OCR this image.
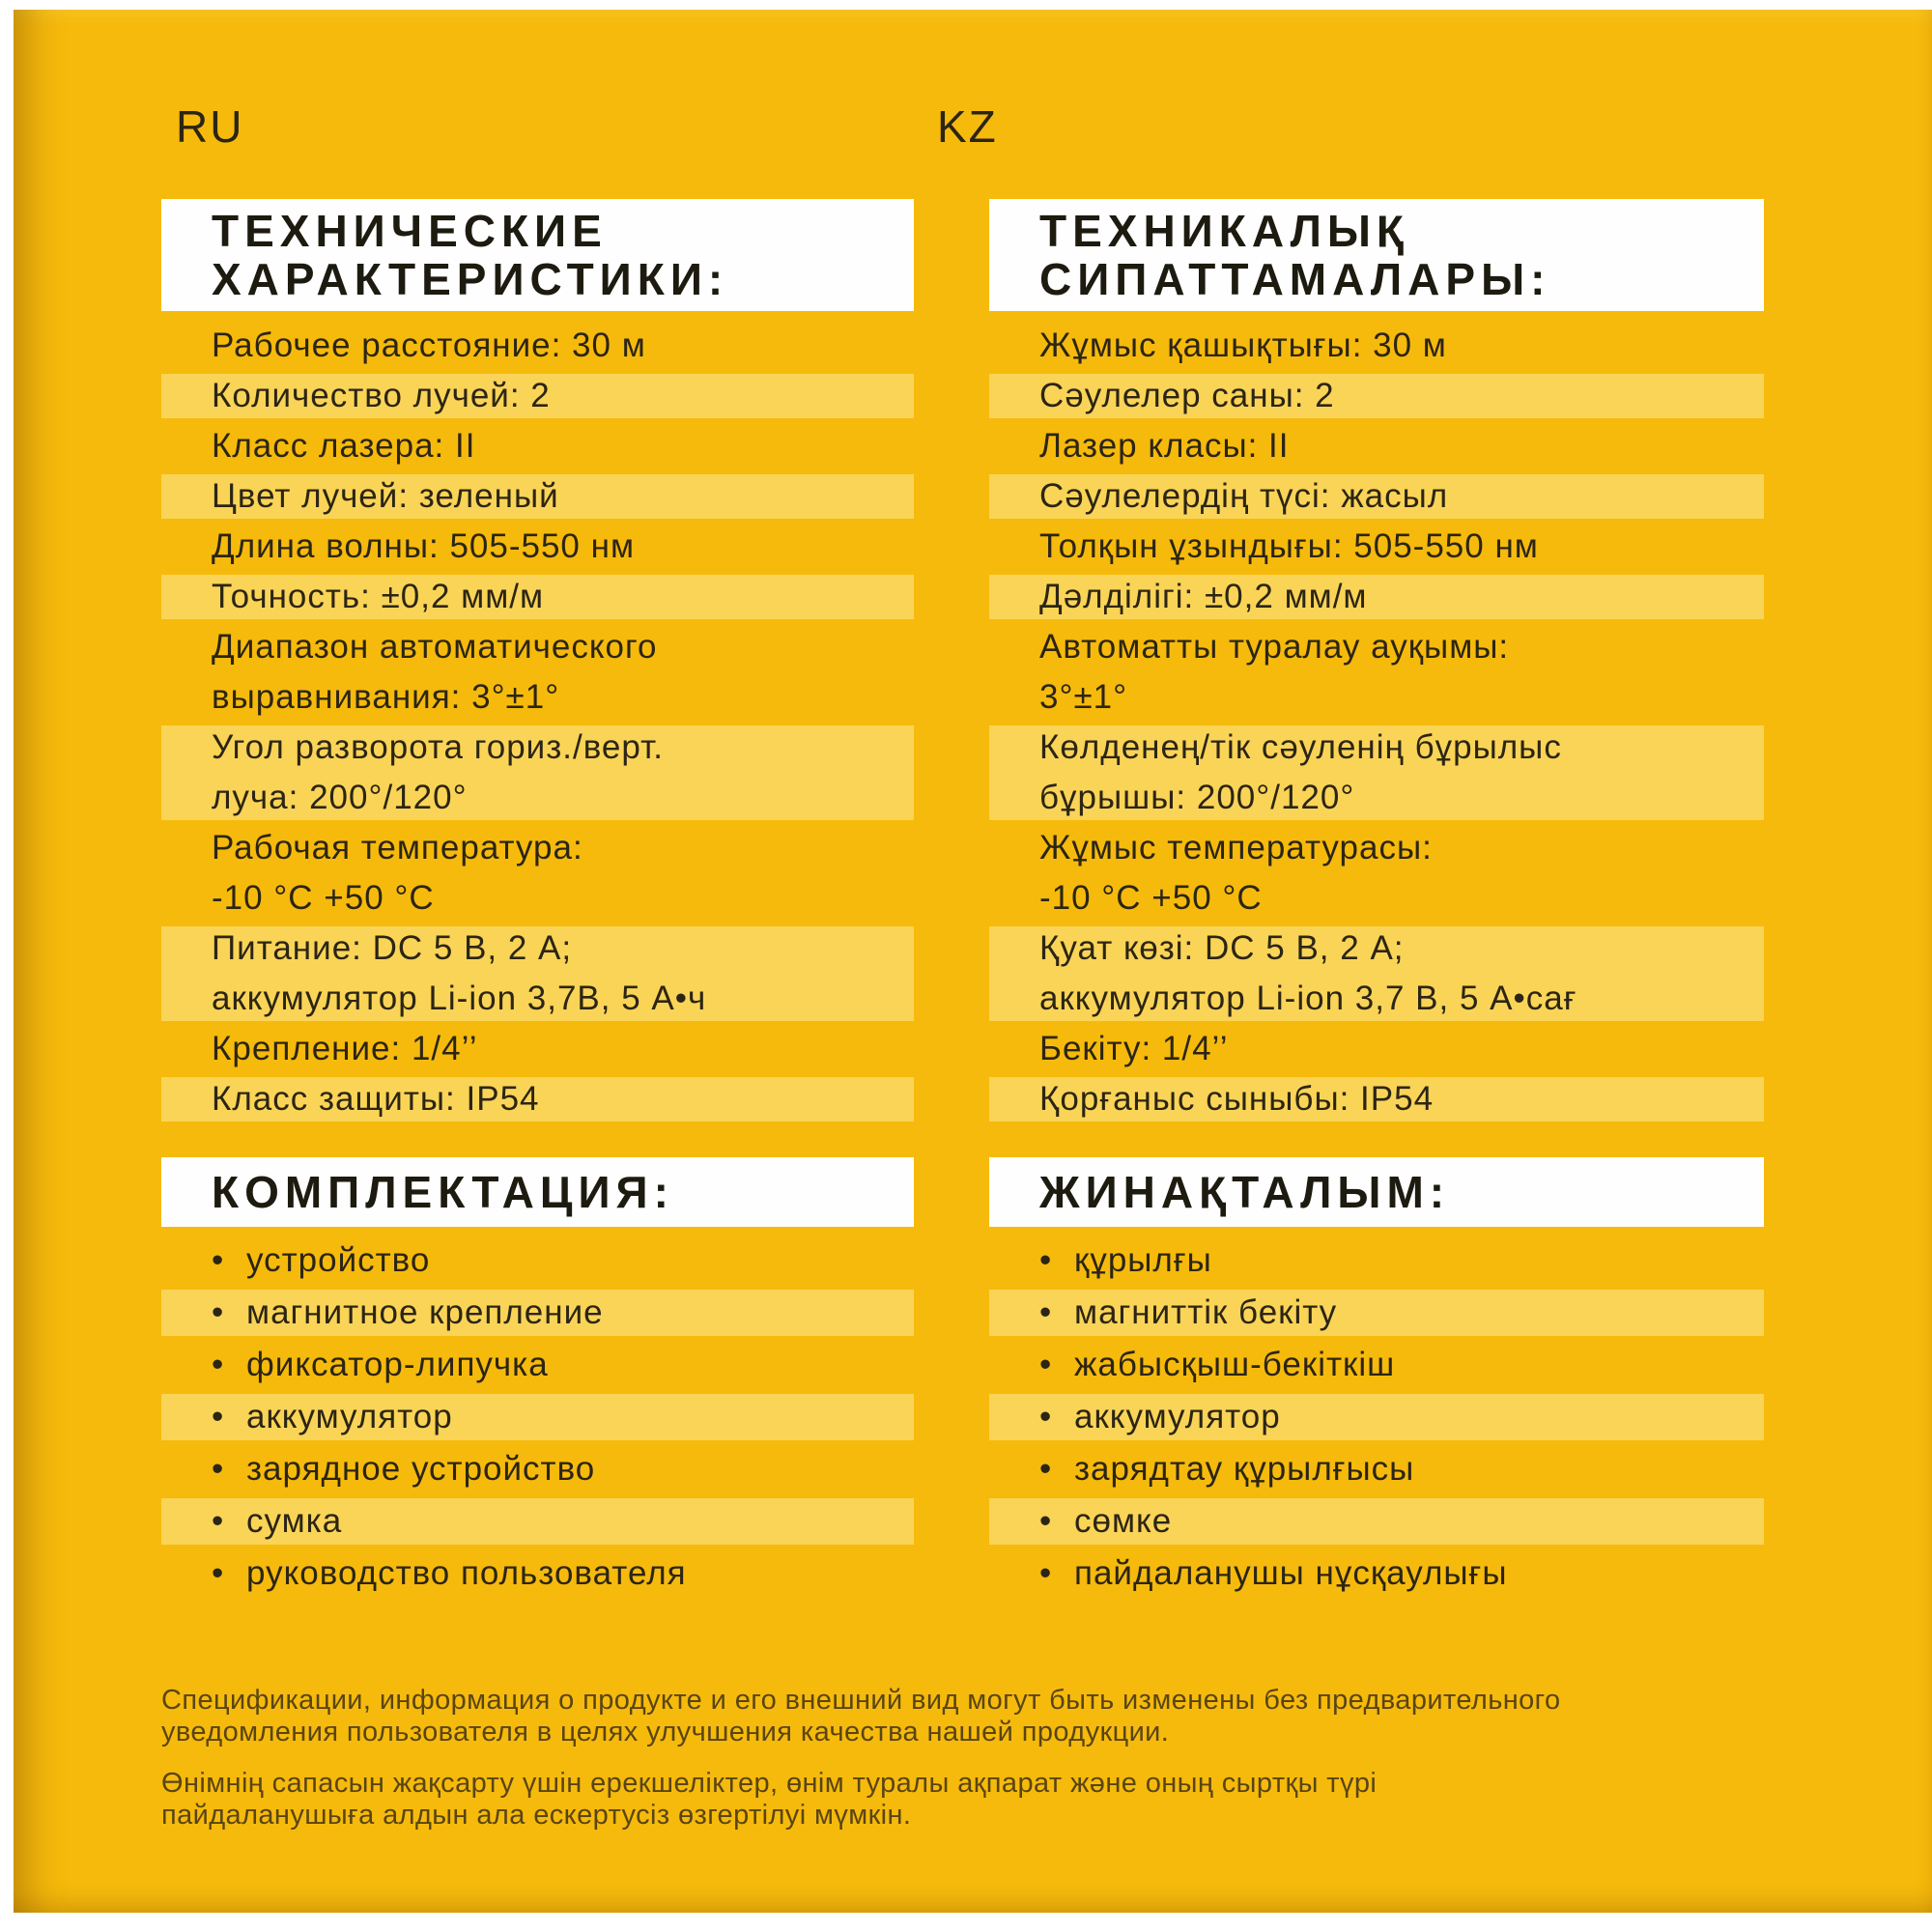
RU	KZ
ТЕХНИЧЕСКИЕ
ХАРАКТЕРИСТИКИ:
Рабочее расстояние: 30 м
Количество лучей: 2
Класс лазера: II
Цвет лучей: зеленый
Длина волны: 505-550 нм
Точность: ±0,2 мм/м
Диапазон автоматического
выравнивания: 3°±1°
Угол разворота гориз./верт.
луча: 200°/120°
Рабочая температура:
-10 °C +50 °C
Питание: DC 5 В, 2 А;
аккумулятор Li-ion 3,7В, 5 А•ч
Крепление: 1/4’’
Класс защиты: IP54
КОМПЛЕКТАЦИЯ:
• устройство
• магнитное крепление
• фиксатор-липучка
• аккумулятор
• зарядное устройство
• сумка
• руководство пользователя
ТЕХНИКАЛЫҚ
СИПАТТАМАЛАРЫ:
Жұмыс қашықтығы: 30 м
Сәулелер саны: 2
Лазер класы: II
Сәулелердің түсі: жасыл
Толқын ұзындығы: 505-550 нм
Дәлділігі: ±0,2 мм/м
Автоматты туралау ауқымы:
3°±1°
Көлденең/тік сәуленің бұрылыс
бұрышы: 200°/120°
Жұмыс температурасы:
-10 °C +50 °C
Қуат көзі: DC 5 В, 2 А;
аккумулятор Li-ion 3,7 В, 5 А•сағ
Бекіту: 1/4’’
Қорғаныс сыныбы: IP54
ЖИНАҚТАЛЫМ:
• құрылғы
• магниттік бекіту
• жабысқыш-бекіткіш
• аккумулятор
• зарядтау құрылғысы
• сөмке
• пайдаланушы нұсқаулығы

Спецификации, информация о продукте и его внешний вид могут быть изменены без предварительного
уведомления пользователя в целях улучшения качества нашей продукции.

Өнімнің сапасын жақсарту үшін ерекшеліктер, өнім туралы ақпарат және оның сыртқы түрі
пайдаланушыға алдын ала ескертусіз өзгертілуі мүмкін.
